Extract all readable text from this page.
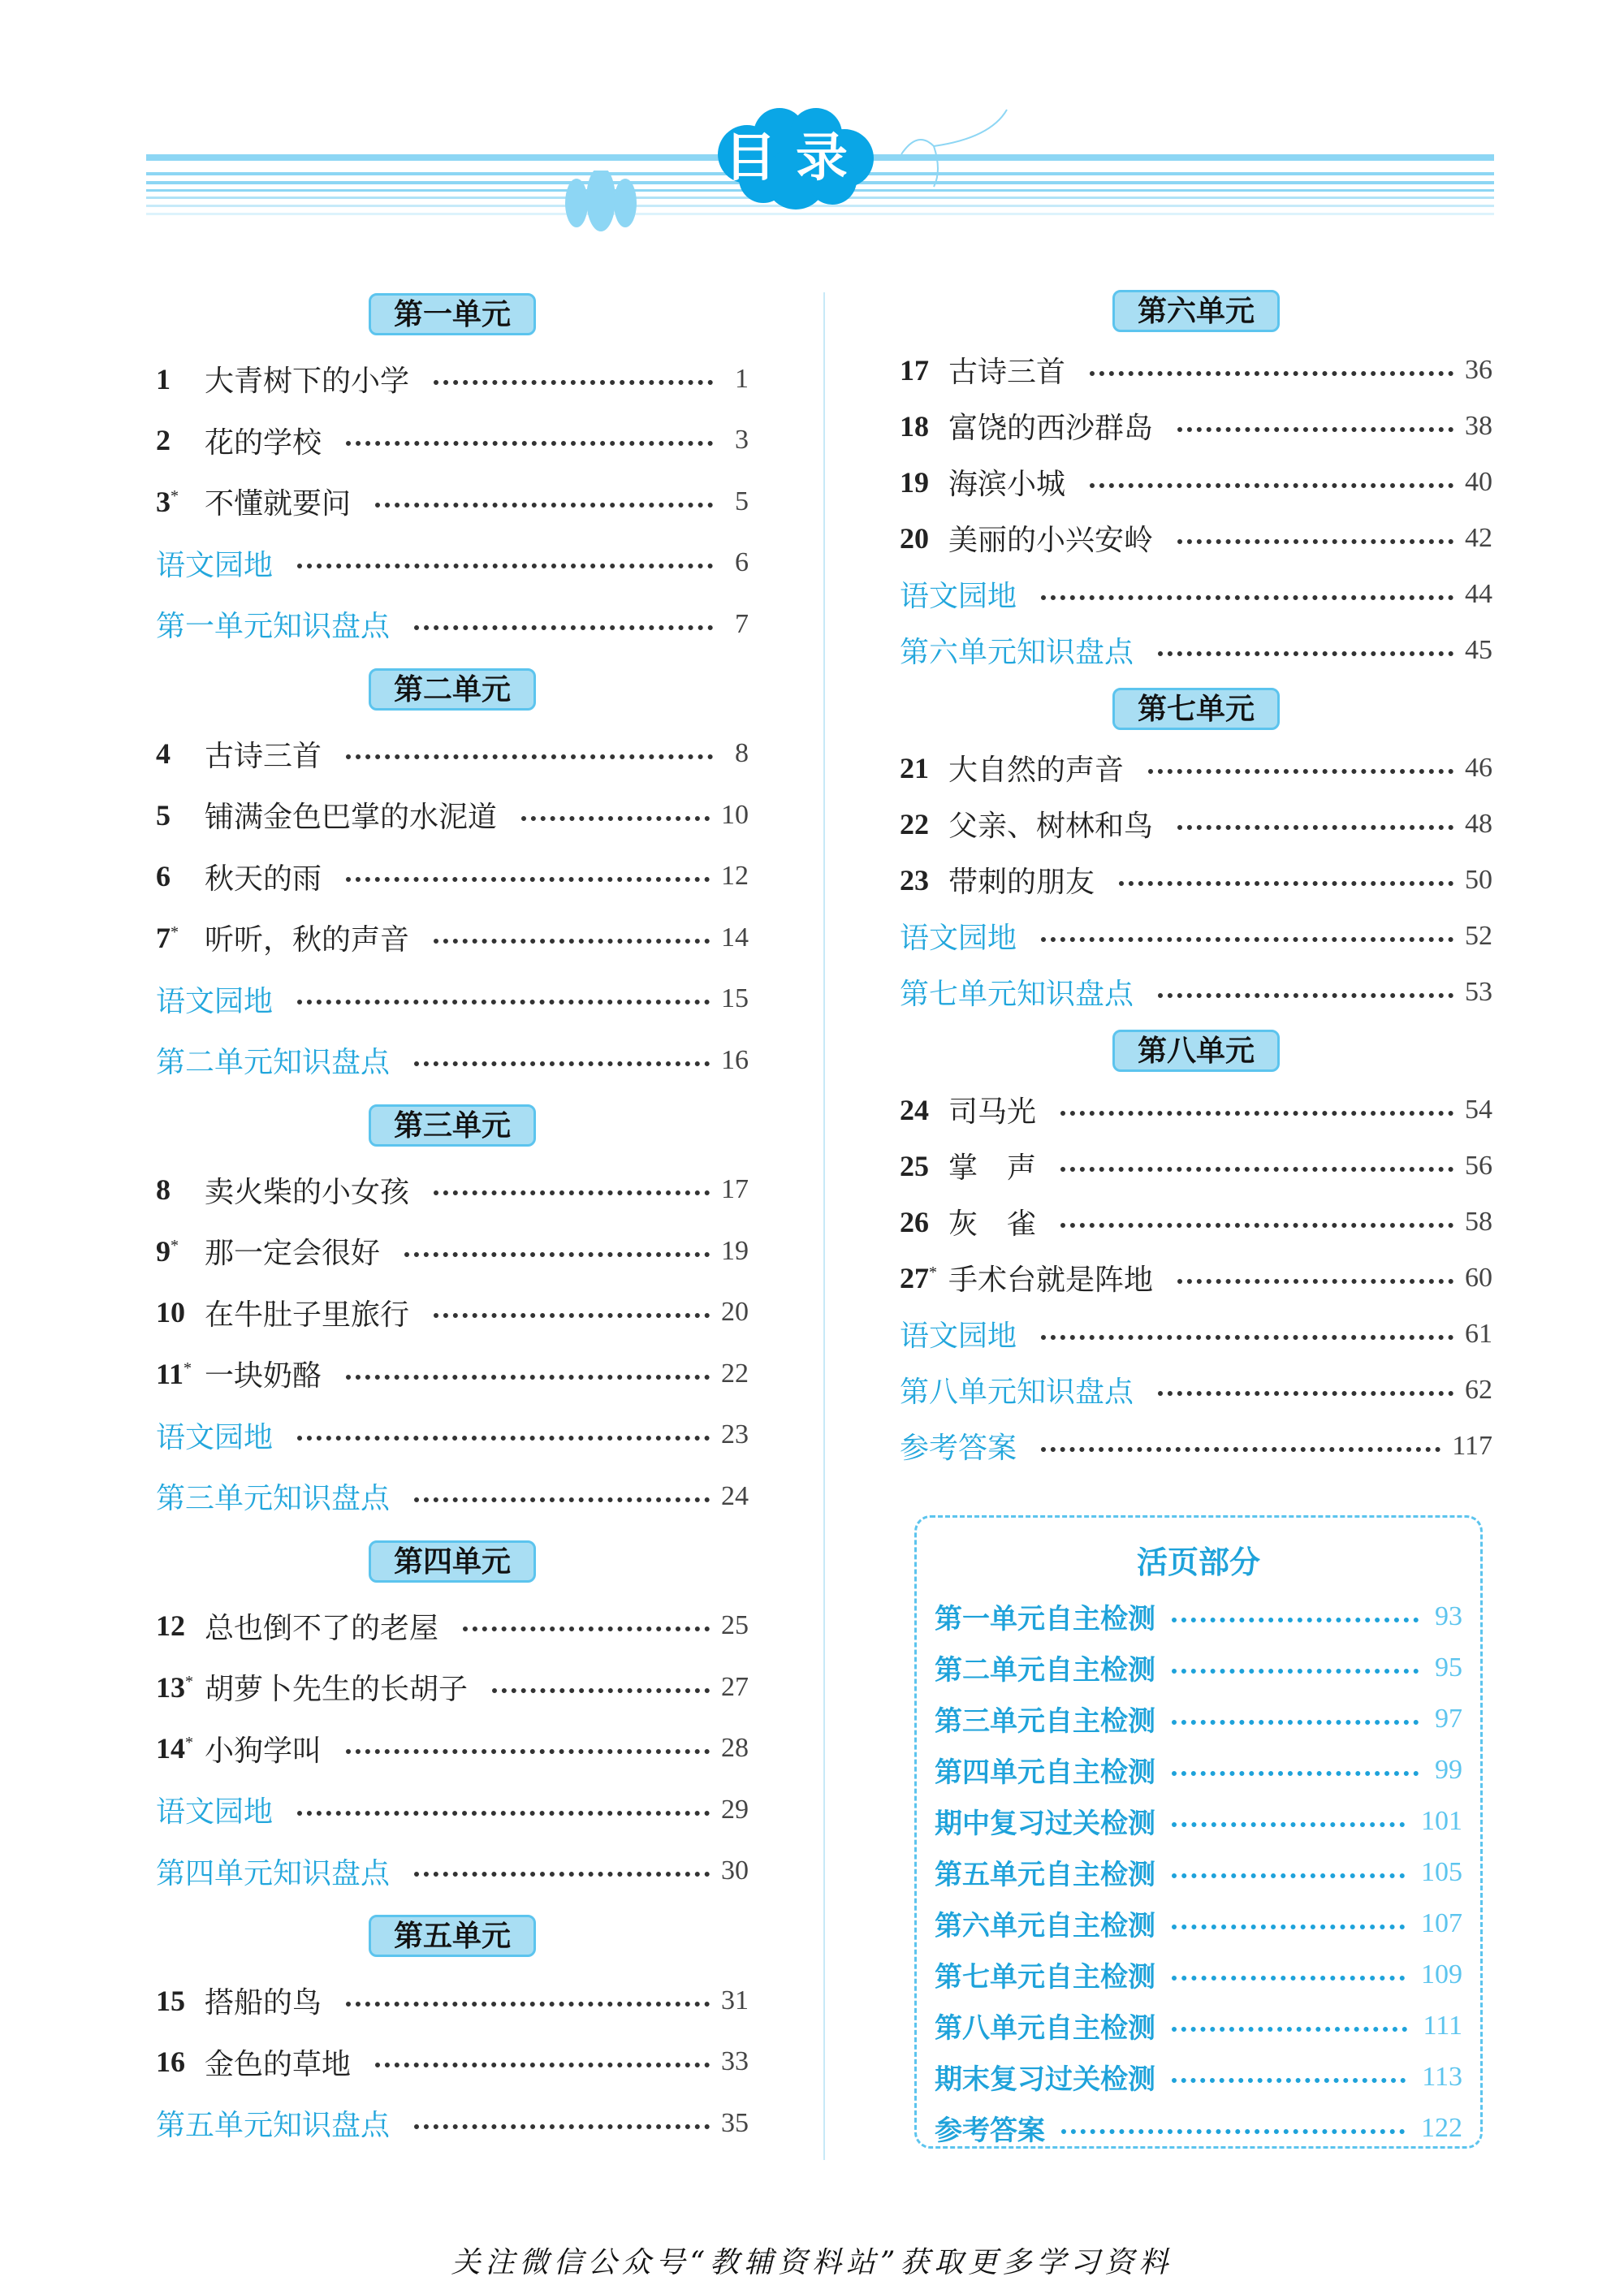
目录
第一单元
1	大青树下的小学	1
2	花的学校	3
3* 不懂就要问	5
语文园地	6
第一单元知识盘点	7
第二单元
4	古诗三首	8
5	铺满金色巴掌的水泥道	10
6	秋天的雨	12
7* 听听，秋的声音	14
语文园地	15
第二单元知识盘点	16
第三单元
8	卖火柴的小女孩	17
9* 那一定会很好	19
10 在牛肚子里旅行	20
11* 一块奶酪	22
语文园地	23
第三单元知识盘点	24
第四单元
12 总也倒不了的老屋	25
13* 胡萝卜先生的长胡子	27
14* 小狗学叫	28
语文园地	29
第四单元知识盘点	30
第五单元
15 搭船的鸟	31
16 金色的草地	33
第五单元知识盘点	35
第六单元
17 古诗三首	36
18 富饶的西沙群岛	38
19 海滨小城	40
20 美丽的小兴安岭	42
语文园地	44
第六单元知识盘点	45
第七单元
21 大自然的声音	46
22 父亲、树林和鸟	48
23 带刺的朋友	50
语文园地	52
第七单元知识盘点	53
第八单元
24 司马光	54
25 掌　声	56
26 灰　雀	58
27* 手术台就是阵地	60
语文园地	61
第八单元知识盘点	62
参考答案	117
活页部分
第一单元自主检测	93
第二单元自主检测	95
第三单元自主检测	97
第四单元自主检测	99
期中复习过关检测	101
第五单元自主检测	105
第六单元自主检测	107
第七单元自主检测	109
第八单元自主检测	111
期末复习过关检测	113
参考答案	122
关注微信公众号“教辅资料站”获取更多学习资料
